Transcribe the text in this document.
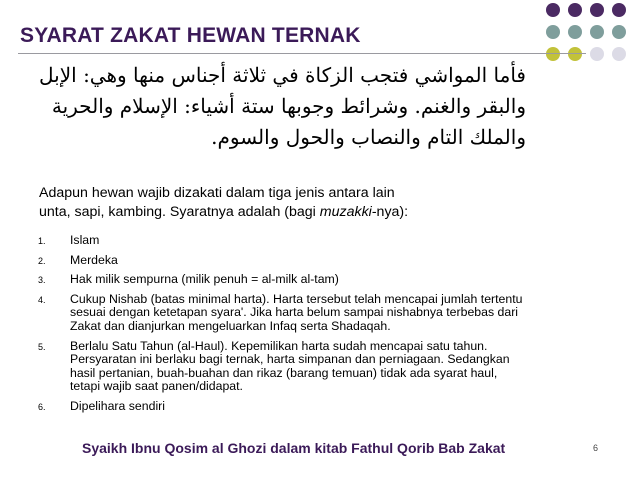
SYARAT ZAKAT HEWAN TERNAK
فأما المواشي فتجب الزكاة في ثلاثة أجناس منها وهي: الإبل
والبقر والغنم. وشرائط وجوبها ستة أشياء: الإسلام والحرية
والملك التام والنصاب والحول والسوم.
Adapun hewan wajib dizakati dalam tiga jenis antara lain
unta, sapi, kambing. Syaratnya adalah (bagi muzakki-nya):
1. Islam
2. Merdeka
3. Hak milik sempurna (milik penuh = al-milk al-tam)
4. Cukup Nishab (batas minimal harta). Harta tersebut telah mencapai jumlah tertentu
sesuai dengan ketetapan syara'. Jika harta belum sampai nishabnya terbebas dari
Zakat dan dianjurkan mengeluarkan Infaq serta Shadaqah.
5. Berlalu Satu Tahun (al-Haul). Kepemilikan harta sudah mencapai satu tahun.
Persyaratan ini berlaku bagi ternak, harta simpanan dan perniagaan. Sedangkan
hasil pertanian, buah-buahan dan rikaz (barang temuan) tidak ada syarat haul,
tetapi wajib saat panen/didapat.
6. Dipelihara sendiri
Syaikh Ibnu Qosim al Ghozi dalam kitab Fathul Qorib Bab Zakat	6
